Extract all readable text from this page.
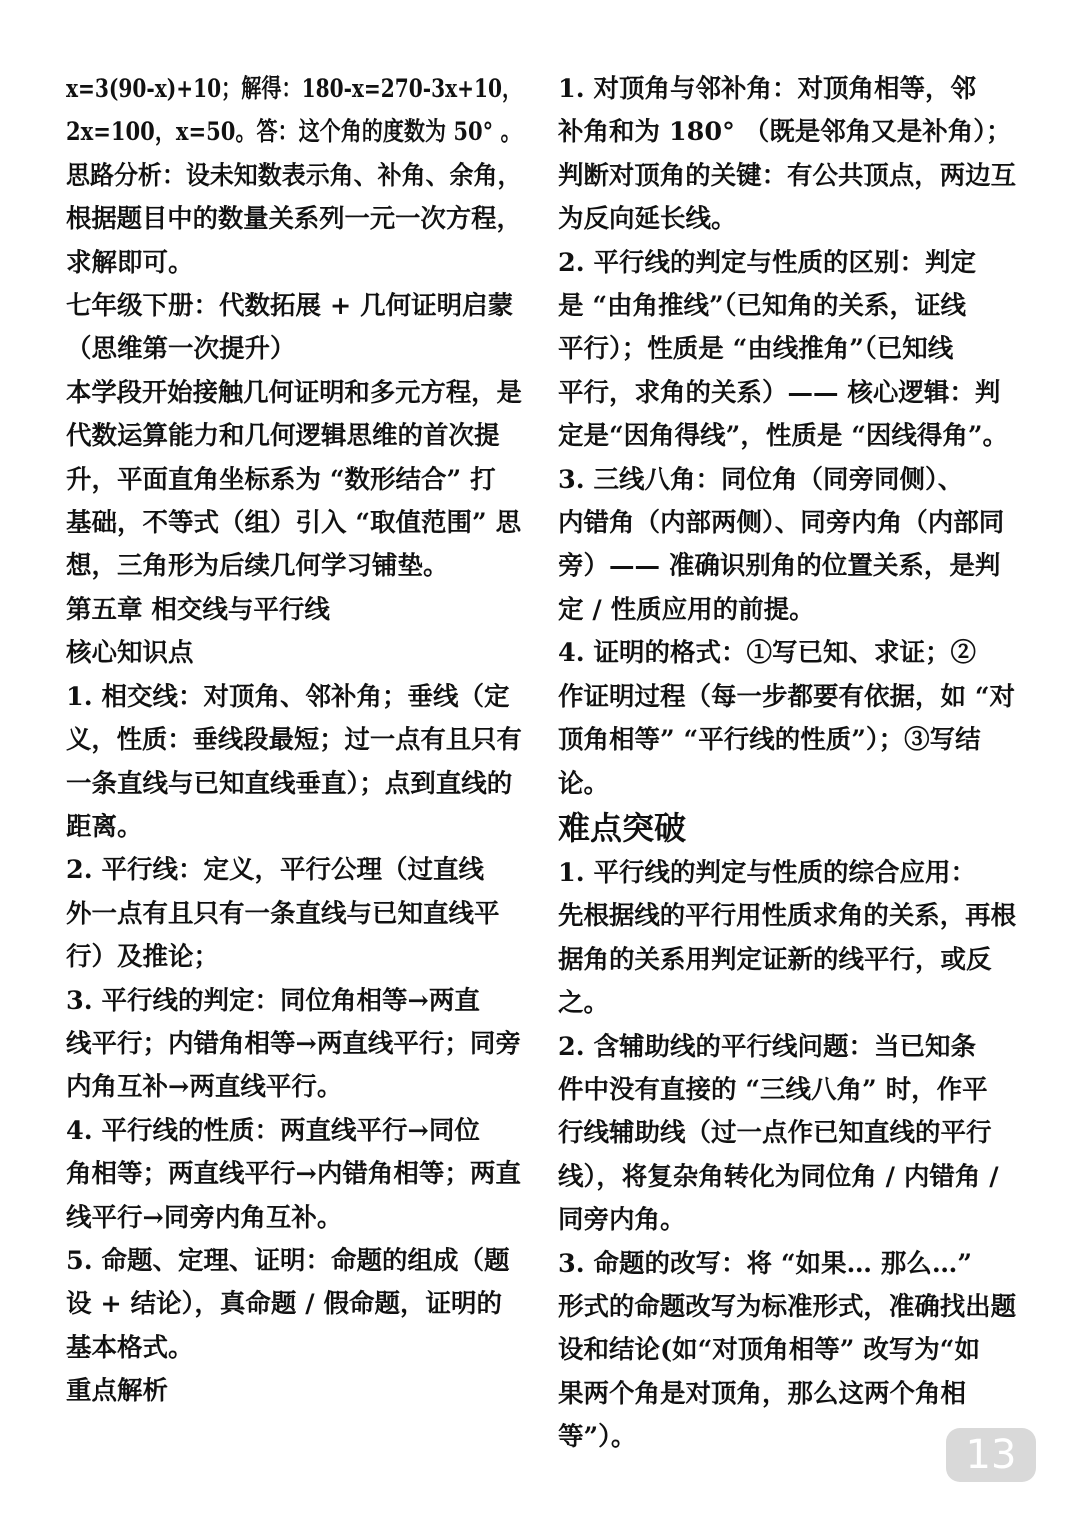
x=3(90-x)+10；解得：180-x=270-3x+10，
2x=100，x=50。答：这个角的度数为 50° 。
思路分析：设未知数表示角、补角、余角，
根据题目中的数量关系列一元一次方程，
求解即可。
七年级下册：代数拓展 + 几何证明启蒙
（思维第一次提升）
本学段开始接触几何证明和多元方程，是
代数运算能力和几何逻辑思维的首次提
升，平面直角坐标系为 “数形结合” 打
基础，不等式（组）引入 “取值范围” 思
想，三角形为后续几何学习铺垫。
第五章 相交线与平行线
核心知识点
1. 相交线：对顶角、邻补角；垂线（定
义，性质：垂线段最短；过一点有且只有
一条直线与已知直线垂直）；点到直线的
距离。
2. 平行线：定义，平行公理（过直线
外一点有且只有一条直线与已知直线平
行）及推论；
3. 平行线的判定：同位角相等→两直
线平行；内错角相等→两直线平行；同旁
内角互补→两直线平行。
4. 平行线的性质：两直线平行→同位
角相等；两直线平行→内错角相等；两直
线平行→同旁内角互补。
5. 命题、定理、证明：命题的组成（题
设 + 结论），真命题 / 假命题，证明的
基本格式。
重点解析
1. 对顶角与邻补角：对顶角相等，邻
补角和为 180° （既是邻角又是补角）；
判断对顶角的关键：有公共顶点，两边互
为反向延长线。
2. 平行线的判定与性质的区别：判定
是 “由角推线”（已知角的关系，证线
平行）；性质是 “由线推角”（已知线
平行，求角的关系）—— 核心逻辑：判
定是“因角得线”，性质是 “因线得角”。
3. 三线八角：同位角（同旁同侧）、
内错角（内部两侧）、同旁内角（内部同
旁）—— 准确识别角的位置关系，是判
定 / 性质应用的前提。
4. 证明的格式：①写已知、求证；②
作证明过程（每一步都要有依据，如 “对
顶角相等” “平行线的性质”）；③写结
论。
难点突破
1. 平行线的判定与性质的综合应用：
先根据线的平行用性质求角的关系，再根
据角的关系用判定证新的线平行，或反
之。
2. 含辅助线的平行线问题：当已知条
件中没有直接的 “三线八角” 时，作平
行线辅助线（过一点作已知直线的平行
线），将复杂角转化为同位角 / 内错角 /
同旁内角。
3. 命题的改写：将 “如果… 那么…”
形式的命题改写为标准形式，准确找出题
设和结论(如“对顶角相等” 改写为“如
果两个角是对顶角，那么这两个角相
等”）。	13
